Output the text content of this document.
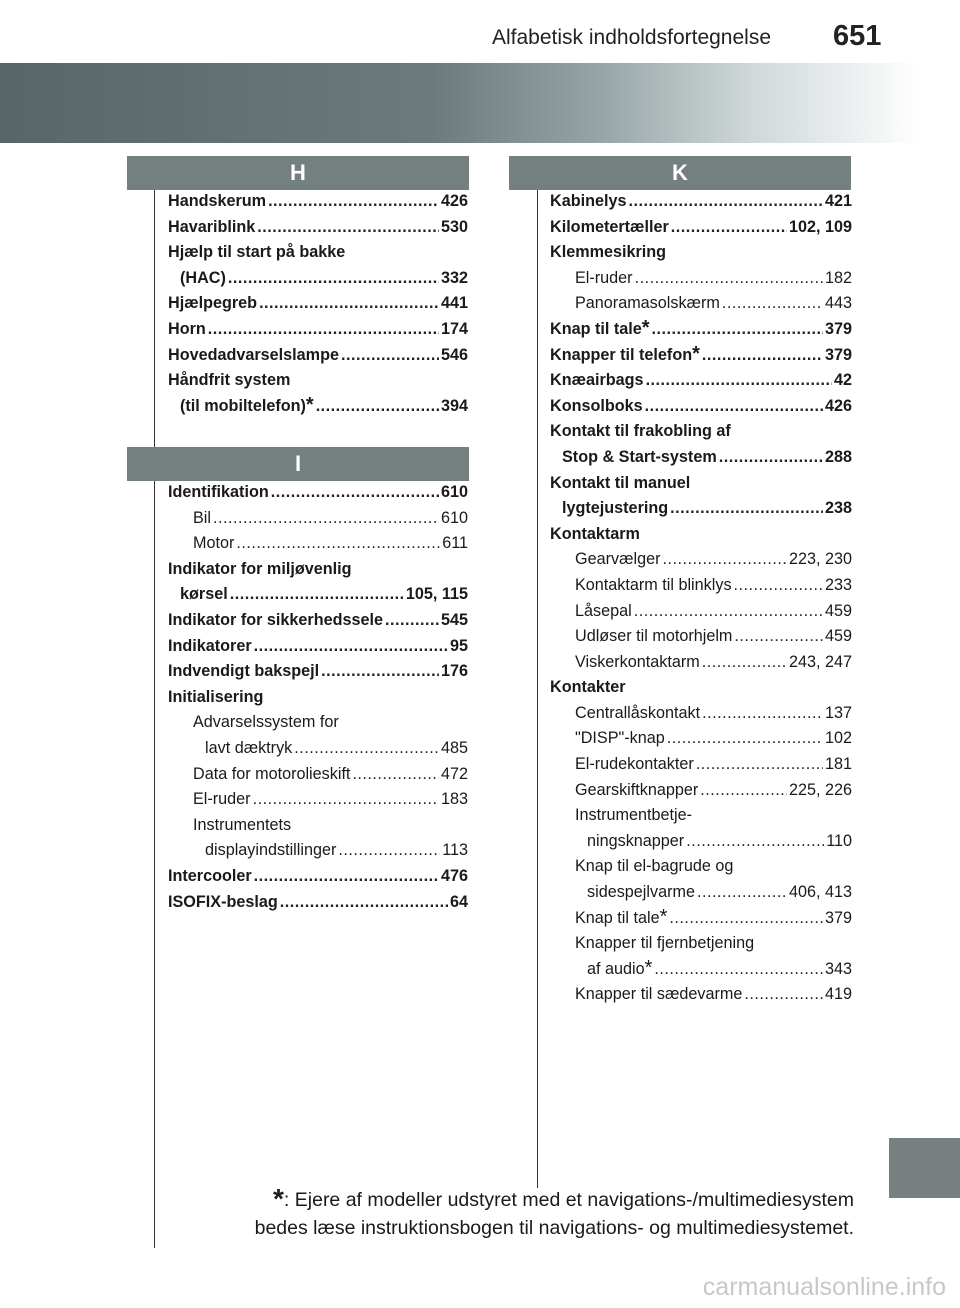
Alfabetisk indholdsfortegnelse 651
H
Handskerum .....	426
Havariblink .....	530
Hjælp til start på bakke
(HAC) .....	332
Hjælpegreb .....	441
Horn .....	174
Hovedadvarselslampe .....	546
Håndfrit system
(til mobiltelefon) * .....	394
I
Identifikation .....	610
Bil .....	610
Motor .....	611
Indikator for miljøvenlig
kørsel .....	105, 115
Indikator for sikkerhedssele .....	545
Indikatorer .....	95
Indvendigt bakspejl .....	176
Initialisering
Advarselssystem for
lavt dæktryk .....	485
Data for motorolieskift .....	472
El-ruder .....	183
Instrumentets
displayindstillinger .....	113
Intercooler .....	476
ISOFIX-beslag .....	64
K
Kabinelys .....	421
Kilometertæller .....	102, 109
Klemmesikring
El-ruder .....	182
Panoramasolskærm .....	443
Knap til tale * .....	379
Knapper til telefon * .....	379
Knæairbags .....	42
Konsolboks .....	426
Kontakt til frakobling af
Stop & Start-system .....	288
Kontakt til manuel
lygtejustering .....	238
Kontaktarm
Gearvælger .....	223, 230
Kontaktarm til blinklys .....	233
Låsepal .....	459
Udløser til motorhjelm .....	459
Viskerkontaktarm .....	243, 247
Kontakter
Centrallåskontakt .....	137
"DISP"-knap .....	102
El-rudekontakter .....	181
Gearskiftknapper .....	225, 226
Instrumentbetje-
ningsknapper .....	110
Knap til el-bagrude og
sidespejlvarme .....	406, 413
Knap til tale * .....	379
Knapper til fjernbetjening
af audio * .....	343
Knapper til sædevarme .....	419
*: Ejere af modeller udstyret med et navigations-/multimediesystem
bedes læse instruktionsbogen til navigations- og multimediesystemet.
carmanualsonline.info
